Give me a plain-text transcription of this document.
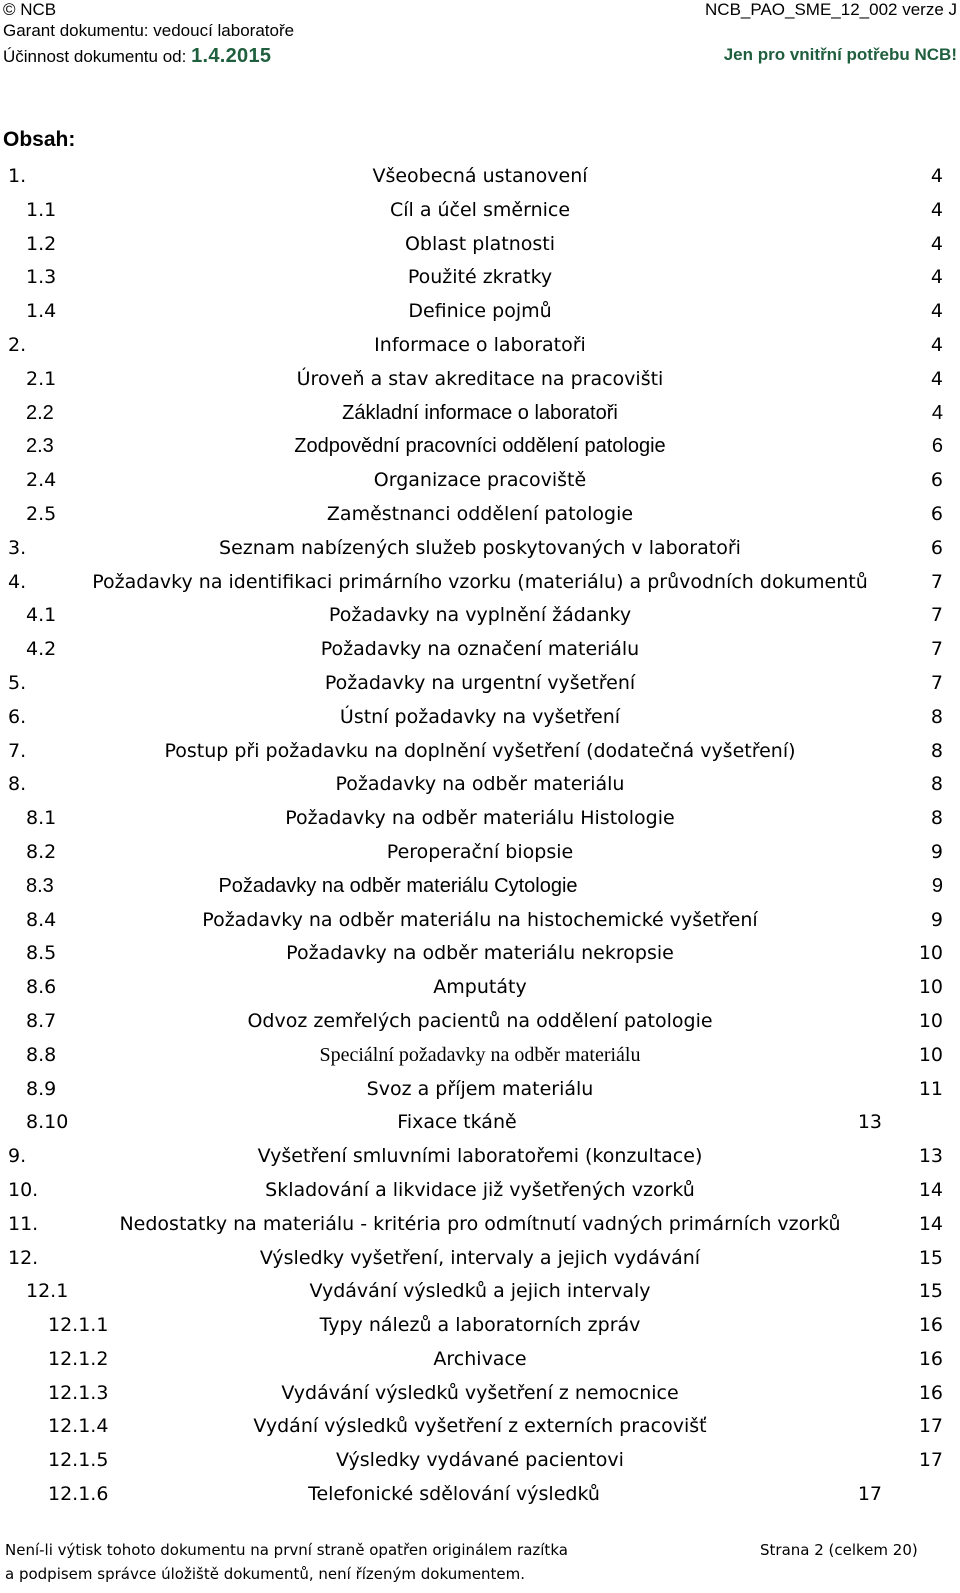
© NCB	NCB_PAO_SME_12_002 verze J
Garant dokumentu: vedoucí laboratoře
Účinnost dokumentu od: 1.4.2015	Jen pro vnitřní potřebu NCB!
Obsah:
1.	Všeobecná ustanovení	4
1.1	Cíl a účel směrnice	4
1.2	Oblast platnosti	4
1.3	Použité zkratky	4
1.4	Definice pojmů	4
2.	Informace o laboratoři	4
2.1	Úroveň a stav akreditace na pracovišti	4
2.2	Základní informace o laboratoři	4
2.3	Zodpovědní pracovníci oddělení patologie	6
2.4	Organizace pracoviště	6
2.5	Zaměstnanci oddělení patologie	6
3.	Seznam nabízených služeb poskytovaných v laboratoři	6
4.	Požadavky na identifikaci primárního vzorku (materiálu) a průvodních dokumentů	7
4.1	Požadavky na vyplnění žádanky	7
4.2	Požadavky na označení materiálu	7
5.	Požadavky na urgentní vyšetření	7
6.	Ústní požadavky na vyšetření	8
7.	Postup při požadavku na doplnění vyšetření (dodatečná vyšetření)	8
8.	Požadavky na odběr materiálu	8
8.1	Požadavky na odběr materiálu Histologie	8
8.2	Peroperační biopsie	9
8.3	Požadavky na odběr materiálu Cytologie	9
8.4	Požadavky na odběr materiálu na histochemické vyšetření	9
8.5	Požadavky na odběr materiálu nekropsie	10
8.6	Amputáty	10
8.7	Odvoz zemřelých pacientů na oddělení patologie	10
8.8	Speciální požadavky na odběr materiálu	10
8.9	Svoz a příjem materiálu	11
8.10	Fixace tkáně	13
9.	Vyšetření smluvními laboratořemi (konzultace)	13
10.	Skladování a likvidace již vyšetřených vzorků	14
11.	Nedostatky na materiálu - kritéria pro odmítnutí vadných primárních vzorků	14
12.	Výsledky vyšetření, intervaly a jejich vydávání	15
12.1	Vydávání výsledků a jejich intervaly	15
12.1.1	Typy nálezů a laboratorních zpráv	16
12.1.2	Archivace	16
12.1.3	Vydávání výsledků vyšetření z nemocnice	16
12.1.4	Vydání výsledků vyšetření z externích pracovišť	17
12.1.5	Výsledky vydávané pacientovi	17
12.1.6	Telefonické sdělování výsledků	17
Není-li výtisk tohoto dokumentu na první straně opatřen originálem razítka	Strana 2 (celkem 20)
a podpisem správce úložiště dokumentů, není řízeným dokumentem.
